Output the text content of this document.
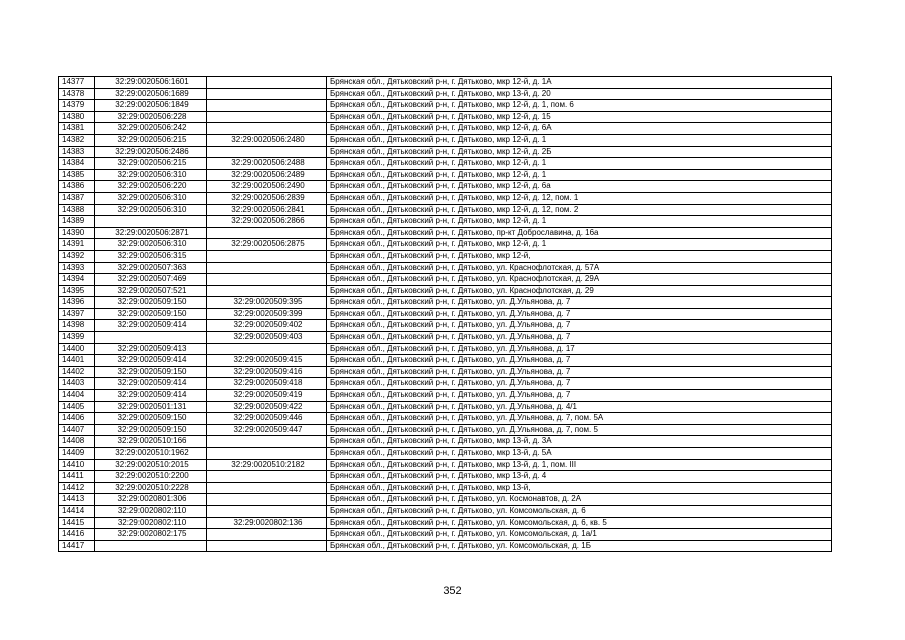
14377	32:29:0020506:1601		Брянская обл., Дятьковский р-н, г. Дятьково, мкр 12-й, д. 1А
14378	32:29:0020506:1689		Брянская обл., Дятьковский р-н, г. Дятьково, мкр 13-й, д. 20
14379	32:29:0020506:1849		Брянская обл., Дятьковский р-н, г. Дятьково, мкр 12-й, д. 1, пом. 6
14380	32:29:0020506:228		Брянская обл., Дятьковский р-н, г. Дятьково, мкр 12-й, д. 15
14381	32:29:0020506:242		Брянская обл., Дятьковский р-н, г. Дятьково, мкр 12-й, д. 6А
14382	32:29:0020506:215	32:29:0020506:2480	Брянская обл., Дятьковский р-н, г. Дятьково, мкр 12-й, д. 1
14383	32:29:0020506:2486		Брянская обл., Дятьковский р-н, г. Дятьково, мкр 12-й, д. 2Б
14384	32:29:0020506:215	32:29:0020506:2488	Брянская обл., Дятьковский р-н, г. Дятьково, мкр 12-й, д. 1
14385	32:29:0020506:310	32:29:0020506:2489	Брянская обл., Дятьковский р-н, г. Дятьково, мкр 12-й, д. 1
14386	32:29:0020506:220	32:29:0020506:2490	Брянская обл., Дятьковский р-н, г. Дятьково, мкр 12-й, д. 6а
14387	32:29:0020506:310	32:29:0020506:2839	Брянская обл., Дятьковский р-н, г. Дятьково, мкр 12-й, д. 12, пом. 1
14388	32:29:0020506:310	32:29:0020506:2841	Брянская обл., Дятьковский р-н, г. Дятьково, мкр 12-й, д. 12, пом. 2
14389		32:29:0020506:2866	Брянская обл., Дятьковский р-н, г. Дятьково, мкр 12-й, д. 1
14390	32:29:0020506:2871		Брянская обл., Дятьковский р-н, г. Дятьково, пр-кт Доброславина, д. 16а
14391	32:29:0020506:310	32:29:0020506:2875	Брянская обл., Дятьковский р-н, г. Дятьково, мкр 12-й, д. 1
14392	32:29:0020506:315		Брянская обл., Дятьковский р-н, г. Дятьково, мкр 12-й,
14393	32:29:0020507:363		Брянская обл., Дятьковский р-н, г. Дятьково, ул. Краснофлотская, д. 57А
14394	32:29:0020507:469		Брянская обл., Дятьковский р-н, г. Дятьково, ул. Краснофлотская, д. 29А
14395	32:29:0020507:521		Брянская обл., Дятьковский р-н, г. Дятьково, ул. Краснофлотская, д. 29
14396	32:29:0020509:150	32:29:0020509:395	Брянская обл., Дятьковский р-н, г. Дятьково, ул. Д.Ульянова, д. 7
14397	32:29:0020509:150	32:29:0020509:399	Брянская обл., Дятьковский р-н, г. Дятьково, ул. Д.Ульянова, д. 7
14398	32:29:0020509:414	32:29:0020509:402	Брянская обл., Дятьковский р-н, г. Дятьково, ул. Д.Ульянова, д. 7
14399		32:29:0020509:403	Брянская обл., Дятьковский р-н, г. Дятьково, ул. Д.Ульянова, д. 7
14400	32:29:0020509:413		Брянская обл., Дятьковский р-н, г. Дятьково, ул. Д.Ульянова, д. 17
14401	32:29:0020509:414	32:29:0020509:415	Брянская обл., Дятьковский р-н, г. Дятьково, ул. Д.Ульянова, д. 7
14402	32:29:0020509:150	32:29:0020509:416	Брянская обл., Дятьковский р-н, г. Дятьково, ул. Д.Ульянова, д. 7
14403	32:29:0020509:414	32:29:0020509:418	Брянская обл., Дятьковский р-н, г. Дятьково, ул. Д.Ульянова, д. 7
14404	32:29:0020509:414	32:29:0020509:419	Брянская обл., Дятьковский р-н, г. Дятьково, ул. Д.Ульянова, д. 7
14405	32:29:0020501:131	32:29:0020509:422	Брянская обл., Дятьковский р-н, г. Дятьково, ул. Д.Ульянова, д. 4/1
14406	32:29:0020509:150	32:29:0020509:446	Брянская обл., Дятьковский р-н, г. Дятьково, ул. Д.Ульянова, д. 7, пом. 5А
14407	32:29:0020509:150	32:29:0020509:447	Брянская обл., Дятьковский р-н, г. Дятьково, ул. Д.Ульянова, д. 7, пом. 5
14408	32:29:0020510:166		Брянская обл., Дятьковский р-н, г. Дятьково, мкр 13-й, д. 3А
14409	32:29:0020510:1962		Брянская обл., Дятьковский р-н, г. Дятьково, мкр 13-й, д. 5А
14410	32:29:0020510:2015	32:29:0020510:2182	Брянская обл., Дятьковский р-н, г. Дятьково, мкр 13-й, д. 1, пом. III
14411	32:29:0020510:2200		Брянская обл., Дятьковский р-н, г. Дятьково, мкр 13-й, д. 4
14412	32:29:0020510:2228		Брянская обл., Дятьковский р-н, г. Дятьково, мкр 13-й,
14413	32:29:0020801:306		Брянская обл., Дятьковский р-н, г. Дятьково, ул. Космонавтов, д. 2А
14414	32:29:0020802:110		Брянская обл., Дятьковский р-н, г. Дятьково, ул. Комсомольская, д. 6
14415	32:29:0020802:110	32:29:0020802:136	Брянская обл., Дятьковский р-н, г. Дятьково, ул. Комсомольская, д. 6, кв. 5
14416	32:29:0020802:175		Брянская обл., Дятьковский р-н, г. Дятьково, ул. Комсомольская, д. 1а/1
14417			Брянская обл., Дятьковский р-н, г. Дятьково, ул. Комсомольская, д. 1Б
352
